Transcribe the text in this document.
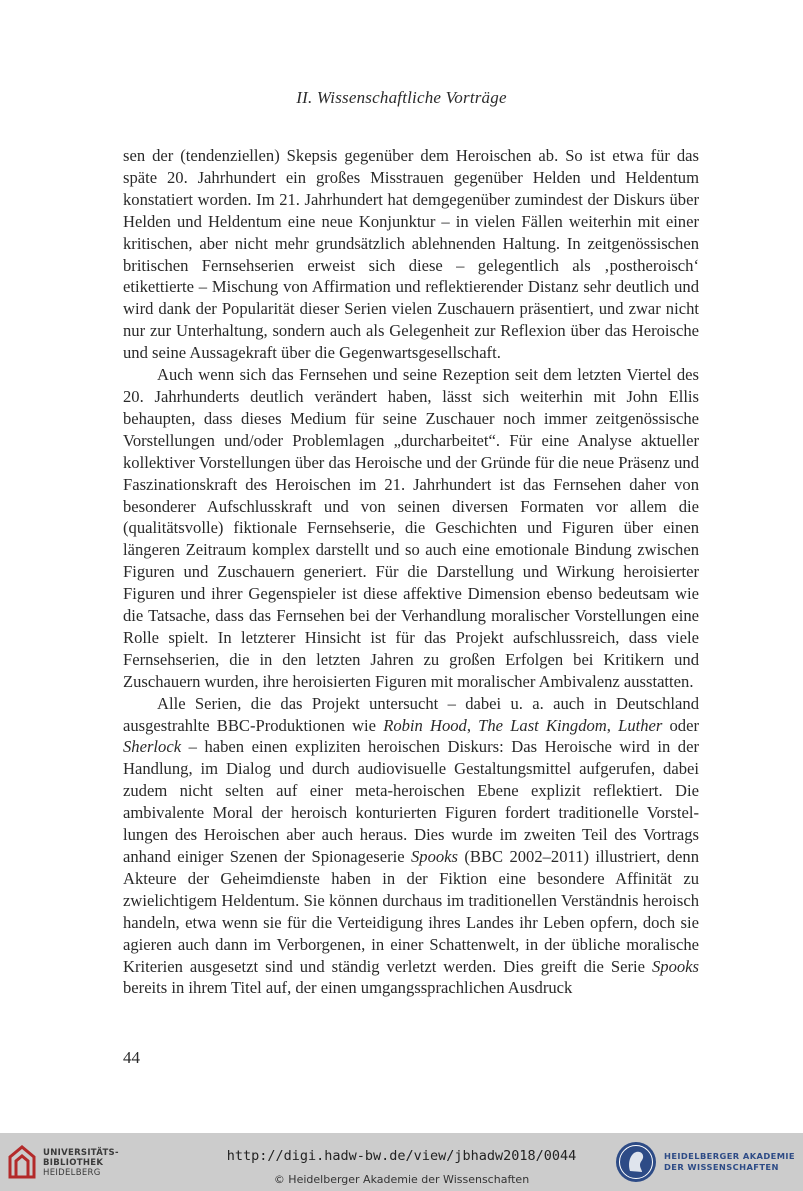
II. Wissenschaftliche Vorträge

sen der (tendenziellen) Skepsis gegenüber dem Heroischen ab. So ist etwa für das späte 20. Jahrhundert ein großes Misstrauen gegenüber Helden und Heldentum konstatiert worden. Im 21. Jahrhundert hat demgegenüber zumindest der Diskurs über Helden und Heldentum eine neue Konjunktur – in vielen Fällen weiterhin mit einer kritischen, aber nicht mehr grundsätzlich ablehnenden Haltung. In zeitgenössischen britischen Fernsehserien erweist sich diese – gelegentlich als ‚postheroisch‘ etikettierte – Mischung von Affirmation und reflektierender Distanz sehr deutlich und wird dank der Popularität dieser Serien vielen Zuschauern präsentiert, und zwar nicht nur zur Unterhaltung, sondern auch als Gelegenheit zur Reflexion über das Heroische und seine Aussagekraft über die Gegenwartsgesellschaft.

Auch wenn sich das Fernsehen und seine Rezeption seit dem letzten Viertel des 20. Jahrhunderts deutlich verändert haben, lässt sich weiterhin mit John Ellis behaupten, dass dieses Medium für seine Zuschauer noch immer zeitgenössische Vorstellungen und/oder Problemlagen „durcharbeitet“. Für eine Analyse aktueller kollektiver Vorstellungen über das Heroische und der Gründe für die neue Präsenz und Faszinationskraft des Heroischen im 21. Jahrhundert ist das Fernsehen daher von besonderer Aufschlusskraft und von seinen diversen Formaten vor allem die (qualitätsvolle) fiktionale Fernsehserie, die Geschichten und Figuren über einen längeren Zeitraum komplex darstellt und so auch eine emotionale Bindung zwischen Figuren und Zuschauern generiert. Für die Darstellung und Wirkung heroisierter Figuren und ihrer Gegenspieler ist diese affektive Dimension ebenso bedeutsam wie die Tatsache, dass das Fernsehen bei der Verhandlung moralischer Vorstellungen eine Rolle spielt. In letzterer Hinsicht ist für das Projekt aufschlussreich, dass viele Fernsehserien, die in den letzten Jahren zu großen Erfolgen bei Kritikern und Zuschauern wurden, ihre heroisierten Figuren mit moralischer Ambivalenz ausstatten.

Alle Serien, die das Projekt untersucht – dabei u. a. auch in Deutschland ausgestrahlte BBC-Produktionen wie Robin Hood, The Last Kingdom, Luther oder Sherlock – haben einen expliziten heroischen Diskurs: Das Heroische wird in der Handlung, im Dialog und durch audiovisuelle Gestaltungsmittel aufgerufen, dabei zudem nicht selten auf einer meta-heroischen Ebene explizit reflektiert. Die ambivalente Moral der heroisch konturierten Figuren fordert traditionelle Vorstellungen des Heroischen aber auch heraus. Dies wurde im zweiten Teil des Vortrags anhand einiger Szenen der Spionageserie Spooks (BBC 2002–2011) illustriert, denn Akteure der Geheimdienste haben in der Fiktion eine besondere Affinität zu zwielichtigem Heldentum. Sie können durchaus im traditionellen Verständnis heroisch handeln, etwa wenn sie für die Verteidigung ihres Landes ihr Leben opfern, doch sie agieren auch dann im Verborgenen, in einer Schattenwelt, in der übliche moralische Kriterien ausgesetzt sind und ständig verletzt werden. Dies greift die Serie Spooks bereits in ihrem Titel auf, der einen umgangssprachlichen Ausdruck

44
UNIVERSITÄTS-
BIBLIOTHEK
HEIDELBERG
http://digi.hadw-bw.de/view/jbhadw2018/0044
© Heidelberger Akademie der Wissenschaften
HEIDELBERGER AKADEMIE
DER WISSENSCHAFTEN
